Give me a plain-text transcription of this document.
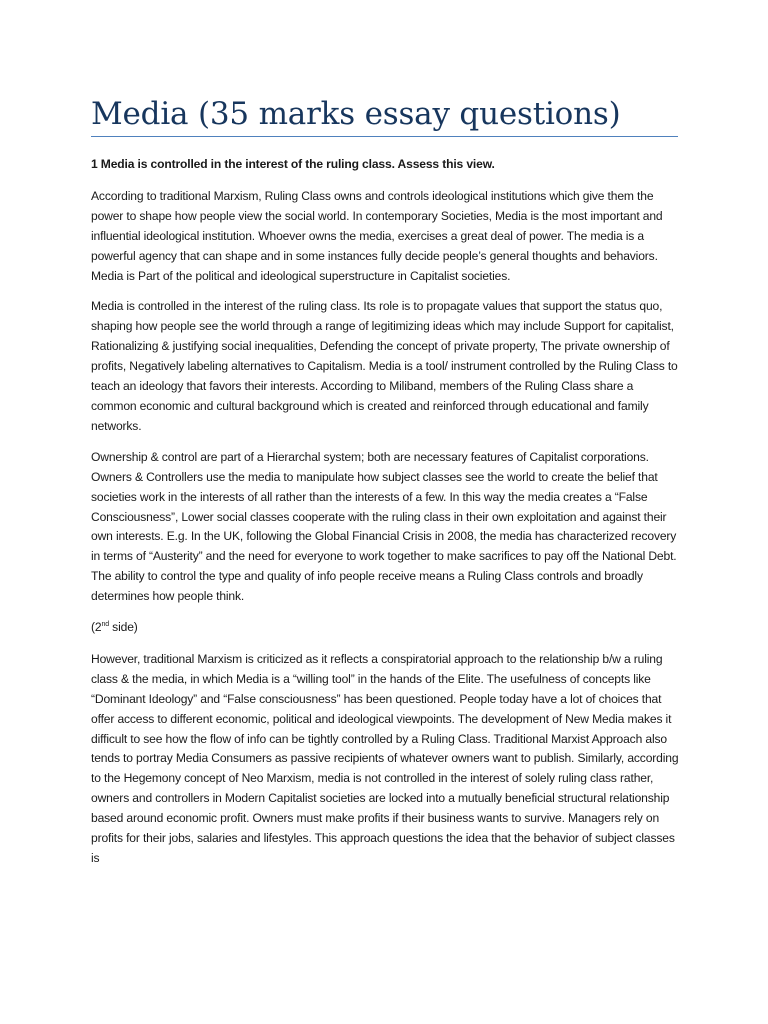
Media (35 marks essay questions)

1 Media is controlled in the interest of the ruling class. Assess this view.

According to traditional Marxism, Ruling Class owns and controls ideological institutions which give them the power to shape how people view the social world. In contemporary Societies, Media is the most important and influential ideological institution. Whoever owns the media, exercises a great deal of power. The media is a powerful agency that can shape and in some instances fully decide people’s general thoughts and behaviors. Media is Part of the political and ideological superstructure in Capitalist societies.

Media is controlled in the interest of the ruling class. Its role is to propagate values that support the status quo, shaping how people see the world through a range of legitimizing ideas which may include Support for capitalist, Rationalizing & justifying social inequalities, Defending the concept of private property, The private ownership of profits, Negatively labeling alternatives to Capitalism. Media is a tool/ instrument controlled by the Ruling Class to teach an ideology that favors their interests. According to Miliband, members of the Ruling Class share a common economic and cultural background which is created and reinforced through educational and family networks.

Ownership & control are part of a Hierarchal system; both are necessary features of Capitalist corporations. Owners & Controllers use the media to manipulate how subject classes see the world to create the belief that societies work in the interests of all rather than the interests of a few. In this way the media creates a “False Consciousness”, Lower social classes cooperate with the ruling class in their own exploitation and against their own interests. E.g. In the UK, following the Global Financial Crisis in 2008, the media has characterized recovery in terms of “Austerity” and the need for everyone to work together to make sacrifices to pay off the National Debt. The ability to control the type and quality of info people receive means a Ruling Class controls and broadly determines how people think.

(2nd side)

However, traditional Marxism is criticized as it reflects a conspiratorial approach to the relationship b/w a ruling class & the media, in which Media is a “willing tool” in the hands of the Elite. The usefulness of concepts like “Dominant Ideology” and “False consciousness” has been questioned. People today have a lot of choices that offer access to different economic, political and ideological viewpoints. The development of New Media makes it difficult to see how the flow of info can be tightly controlled by a Ruling Class. Traditional Marxist Approach also tends to portray Media Consumers as passive recipients of whatever owners want to publish. Similarly, according to the Hegemony concept of Neo Marxism, media is not controlled in the interest of solely ruling class rather, owners and controllers in Modern Capitalist societies are locked into a mutually beneficial structural relationship based around economic profit. Owners must make profits if their business wants to survive. Managers rely on profits for their jobs, salaries and lifestyles. This approach questions the idea that the behavior of subject classes is
